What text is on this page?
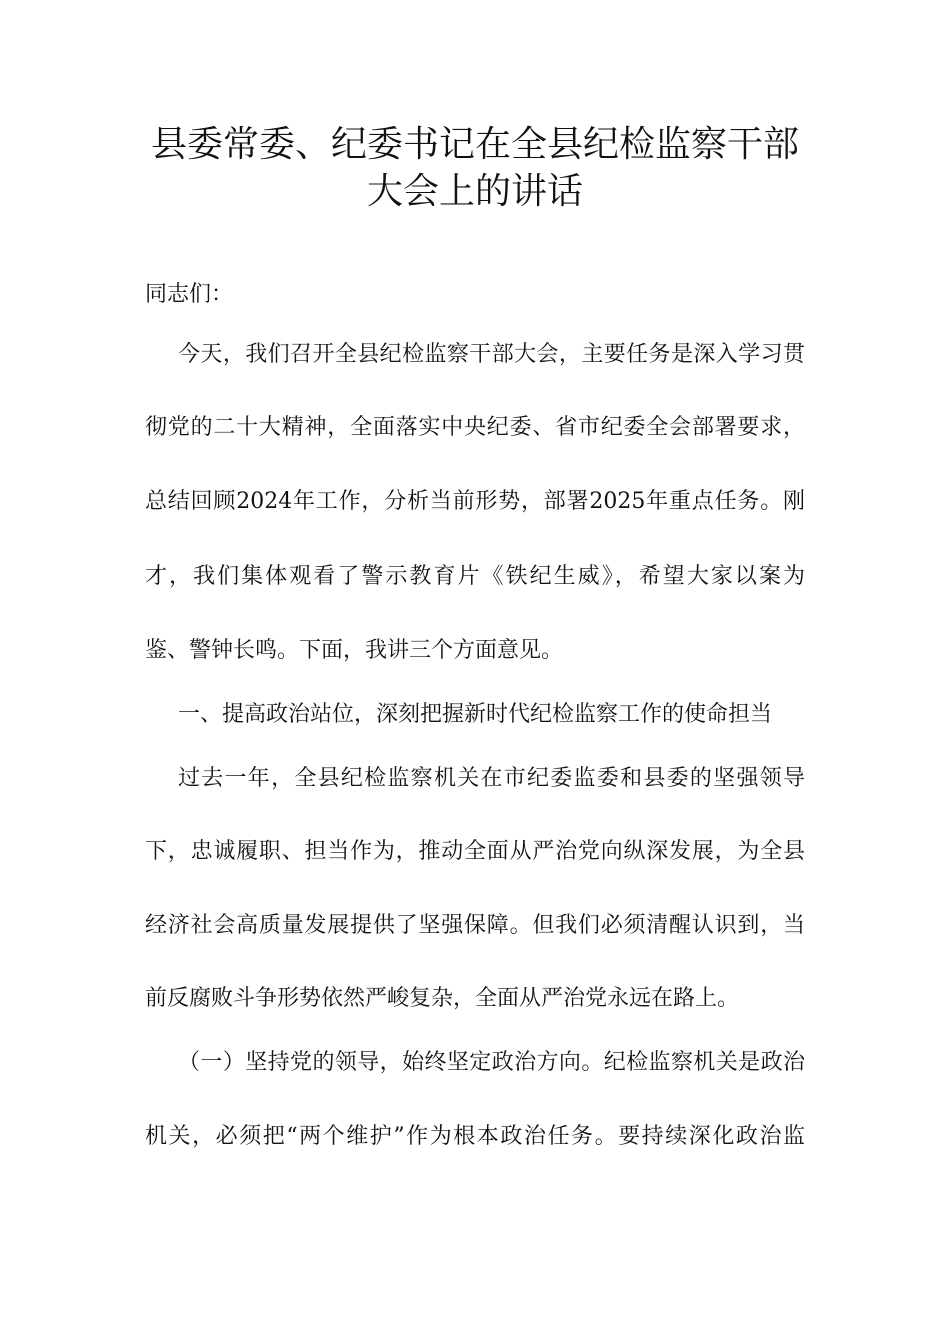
县委常委、纪委书记在全县纪检监察干部
大会上的讲话
同志们：
今天，我们召开全县纪检监察干部大会，主要任务是深入学习贯
彻党的二十大精神，全面落实中央纪委、省市纪委全会部署要求，
总结回顾2024年工作，分析当前形势，部署2025年重点任务。刚
才，我们集体观看了警示教育片《铁纪生威》，希望大家以案为
鉴、警钟长鸣。下面，我讲三个方面意见。
一、提高政治站位，深刻把握新时代纪检监察工作的使命担当
过去一年，全县纪检监察机关在市纪委监委和县委的坚强领导
下，忠诚履职、担当作为，推动全面从严治党向纵深发展，为全县
经济社会高质量发展提供了坚强保障。但我们必须清醒认识到，当
前反腐败斗争形势依然严峻复杂，全面从严治党永远在路上。
（一）坚持党的领导，始终坚定政治方向。纪检监察机关是政治
机关，必须把“两个维护”作为根本政治任务。要持续深化政治监
